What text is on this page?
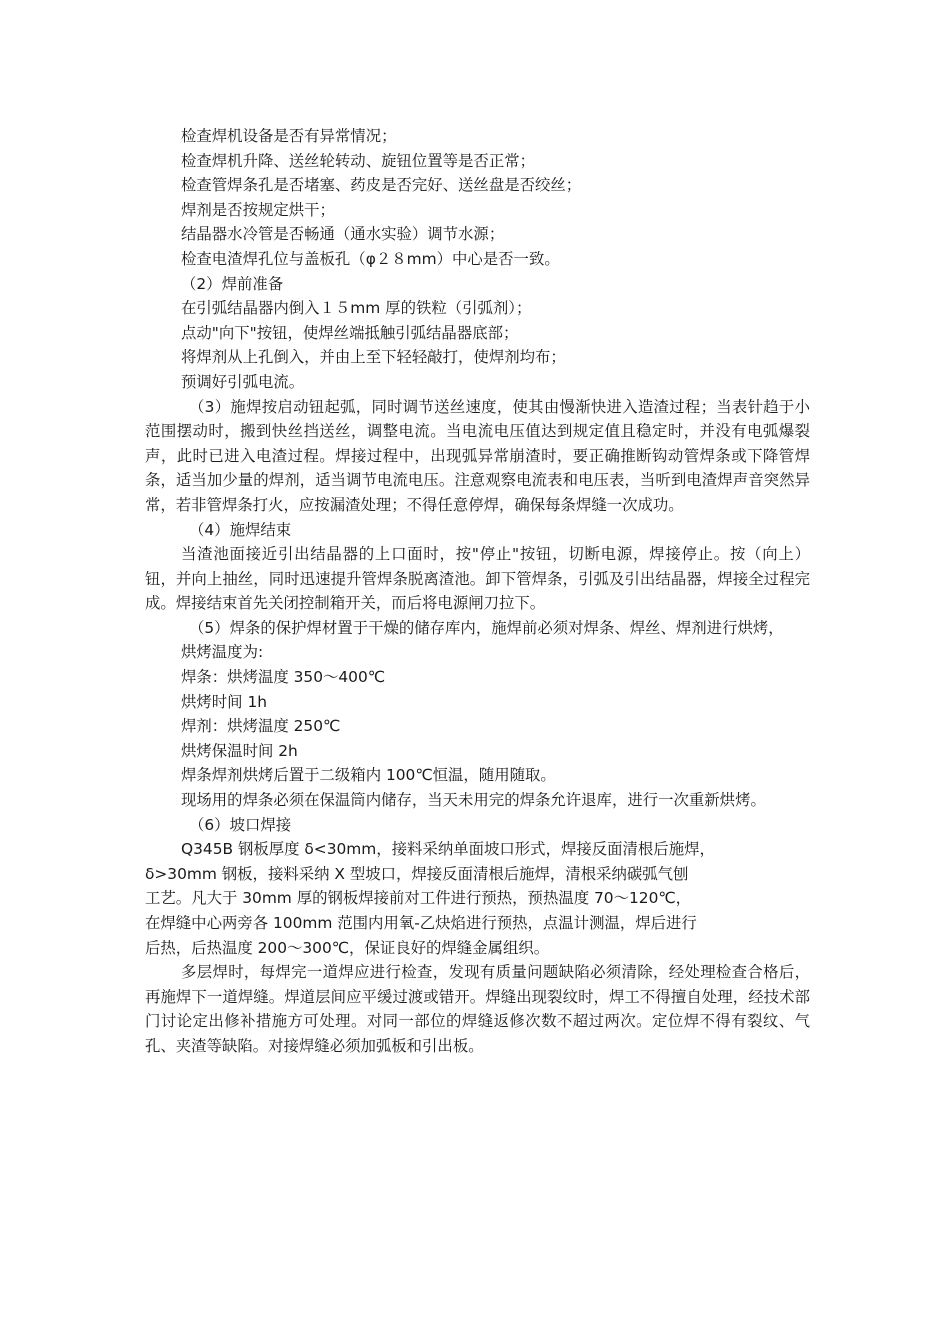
检查焊机设备是否有异常情况；

检查焊机升降、送丝轮转动、旋钮位置等是否正常；

检查管焊条孔是否堵塞、药皮是否完好、送丝盘是否绞丝；

焊剂是否按规定烘干；

结晶器水冷管是否畅通（通水实验）调节水源；

检查电渣焊孔位与盖板孔（φ２８mm）中心是否一致。

（2）焊前准备

在引弧结晶器内倒入１５mm 厚的铁粒（引弧剂）；

点动"向下"按钮，使焊丝端抵触引弧结晶器底部；

将焊剂从上孔倒入，并由上至下轻轻敲打，使焊剂均布；

预调好引弧电流。

（3）施焊按启动钮起弧，同时调节送丝速度，使其由慢渐快进入造渣过程；当表针趋于小范围摆动时，搬到快丝挡送丝，调整电流。当电流电压值达到规定值且稳定时，并没有电弧爆裂声，此时已进入电渣过程。焊接过程中，出现弧异常崩渣时，要正确推断钩动管焊条或下降管焊条，适当加少量的焊剂，适当调节电流电压。注意观察电流表和电压表，当听到电渣焊声音突然异常，若非管焊条打火，应按漏渣处理；不得任意停焊，确保每条焊缝一次成功。

（4）施焊结束

当渣池面接近引出结晶器的上口面时，按"停止"按钮，切断电源，焊接停止。按（向上）钮，并向上抽丝，同时迅速提升管焊条脱离渣池。卸下管焊条，引弧及引出结晶器，焊接全过程完成。焊接结束首先关闭控制箱开关，而后将电源闸刀拉下。

（5）焊条的保护焊材置于干燥的储存库内，施焊前必须对焊条、焊丝、焊剂进行烘烤，

烘烤温度为:

焊条：烘烤温度 350～400℃

烘烤时间 1h

焊剂：烘烤温度 250℃

烘烤保温时间 2h

焊条焊剂烘烤后置于二级箱内 100℃恒温，随用随取。

现场用的焊条必须在保温筒内储存，当天未用完的焊条允许退库，进行一次重新烘烤。

（6）坡口焊接

Q345B 钢板厚度 δ<30mm，接料采纳单面坡口形式，焊接反面清根后施焊，

δ>30mm 钢板，接料采纳 X 型坡口，焊接反面清根后施焊，清根采纳碳弧气刨

工艺。凡大于 30mm 厚的钢板焊接前对工件进行预热，预热温度 70～120℃，

在焊缝中心两旁各 100mm 范围内用氧-乙炔焰进行预热，点温计测温，焊后进行

后热，后热温度 200～300℃，保证良好的焊缝金属组织。

多层焊时，每焊完一道焊应进行检查，发现有质量问题缺陷必须清除，经处理检查合格后，再施焊下一道焊缝。焊道层间应平缓过渡或错开。焊缝出现裂纹时，焊工不得擅自处理，经技术部门讨论定出修补措施方可处理。对同一部位的焊缝返修次数不超过两次。定位焊不得有裂纹、气孔、夹渣等缺陷。对接焊缝必须加弧板和引出板。
